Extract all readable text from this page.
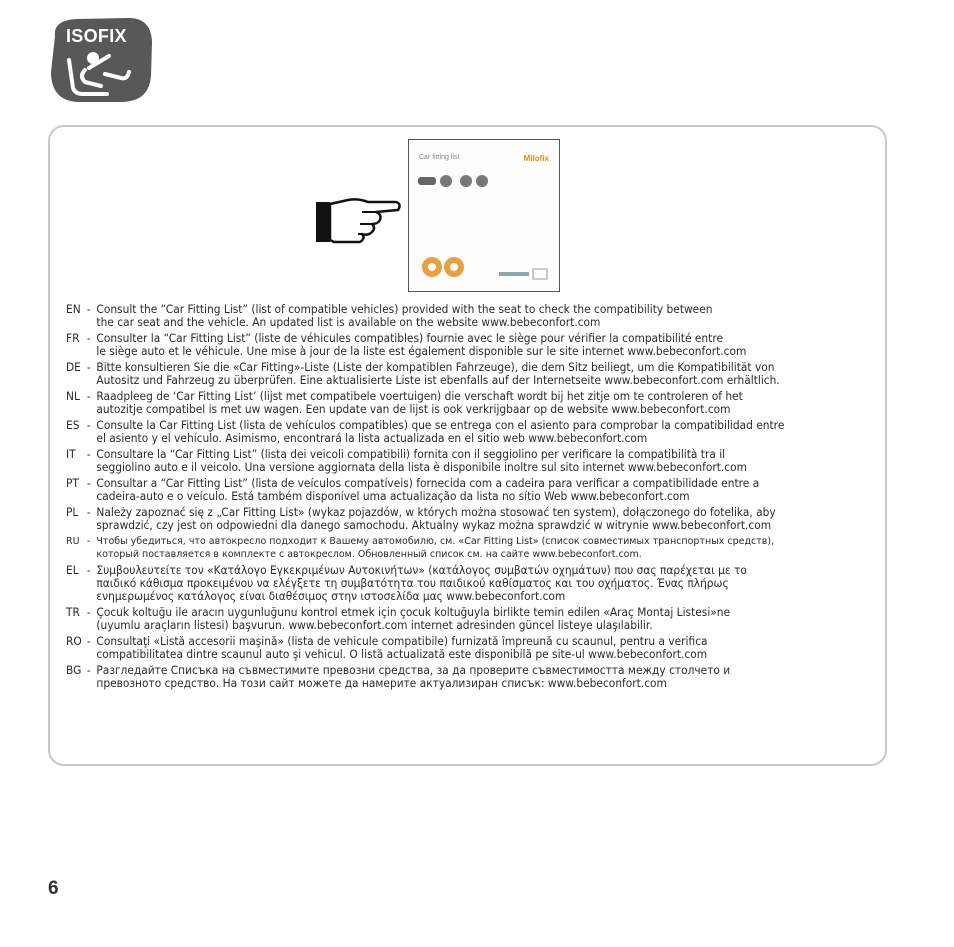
ISOFIX
Car fitting list	Milofix
EN - Consult the “Car Fitting List” (list of compatible vehicles) provided with the seat to check the compatibility between
the car seat and the vehicle. An updated list is available on the website www.bebeconfort.com
FR - Consulter la “Car Fitting List” (liste de véhicules compatibles) fournie avec le siège pour vérifier la compatibilité entre
le siège auto et le véhicule. Une mise à jour de la liste est également disponible sur le site internet www.bebeconfort.com
DE - Bitte konsultieren Sie die «Car Fitting»-Liste (Liste der kompatiblen Fahrzeuge), die dem Sitz beiliegt, um die Kompatibilität von
Autositz und Fahrzeug zu überprüfen. Eine aktualisierte Liste ist ebenfalls auf der Internetseite www.bebeconfort.com erhältlich.
NL - Raadpleeg de ‘Car Fitting List’ (lijst met compatibele voertuigen) die verschaft wordt bij het zitje om te controleren of het
autozitje compatibel is met uw wagen. Een update van de lijst is ook verkrijgbaar op de website www.bebeconfort.com
ES - Consulte la Car Fitting List (lista de vehículos compatibles) que se entrega con el asiento para comprobar la compatibilidad entre
el asiento y el vehículo. Asimismo, encontrará la lista actualizada en el sitio web www.bebeconfort.com
IT	- Consultare la “Car Fitting List” (lista dei veicoli compatibili) fornita con il seggiolino per verificare la compatibilità tra il
seggiolino auto e il veicolo. Una versione aggiornata della lista è disponibile inoltre sul sito internet www.bebeconfort.com
PT - Consultar a “Car Fitting List” (lista de veículos compatíveis) fornecida com a cadeira para verificar a compatibilidade entre a
cadeira-auto e o veículo. Está também disponível uma actualização da lista no sítio Web www.bebeconfort.com
PL - Należy zapoznać się z „Car Fitting List» (wykaz pojazdów, w których można stosować ten system), dołączonego do fotelika, aby
sprawdzić, czy jest on odpowiedni dla danego samochodu. Aktualny wykaz można sprawdzić w witrynie www.bebeconfort.com
RU - Чтобы убедиться, что автокресло подходит к Вашему автомобилю, см. «Car Fitting List» (список совместимых транспортных средств),
который поставляется в комплекте с автокреслом. Обновленный список см. на сайте www.bebeconfort.com.
EL - Συμβουλευτείτε τον «Κατάλογο Εγκεκριμένων Αυτοκινήτων» (κατάλογος συμβατών οχημάτων) που σας παρέχεται με το
παιδικό κάθισμα προκειμένου να ελέγξετε τη συμβατότητα του παιδικού καθίσματος και του οχήματος. Ένας πλήρως
ενημερωμένος κατάλογος είναι διαθέσιμος στην ιστοσελίδα μας www.bebeconfort.com
TR - Çocuk koltuğu ile aracın uygunluğunu kontrol etmek için çocuk koltuğuyla birlikte temin edilen «Araç Montaj Listesi»ne
(uyumlu araçların listesi) başvurun. www.bebeconfort.com internet adresinden güncel listeye ulaşılabilir.
RO - Consultaţi «Listă accesorii maşină» (lista de vehicule compatibile) furnizată împreună cu scaunul, pentru a verifica
compatibilitatea dintre scaunul auto şi vehicul. O listă actualizată este disponibilă pe site-ul www.bebeconfort.com
BG - Разгледайте Списъка на съвместимите превозни средства, за да проверите съвместимостта между столчето и
превозното средство. На този сайт можете да намерите актуализиран списък: www.bebeconfort.com
6
